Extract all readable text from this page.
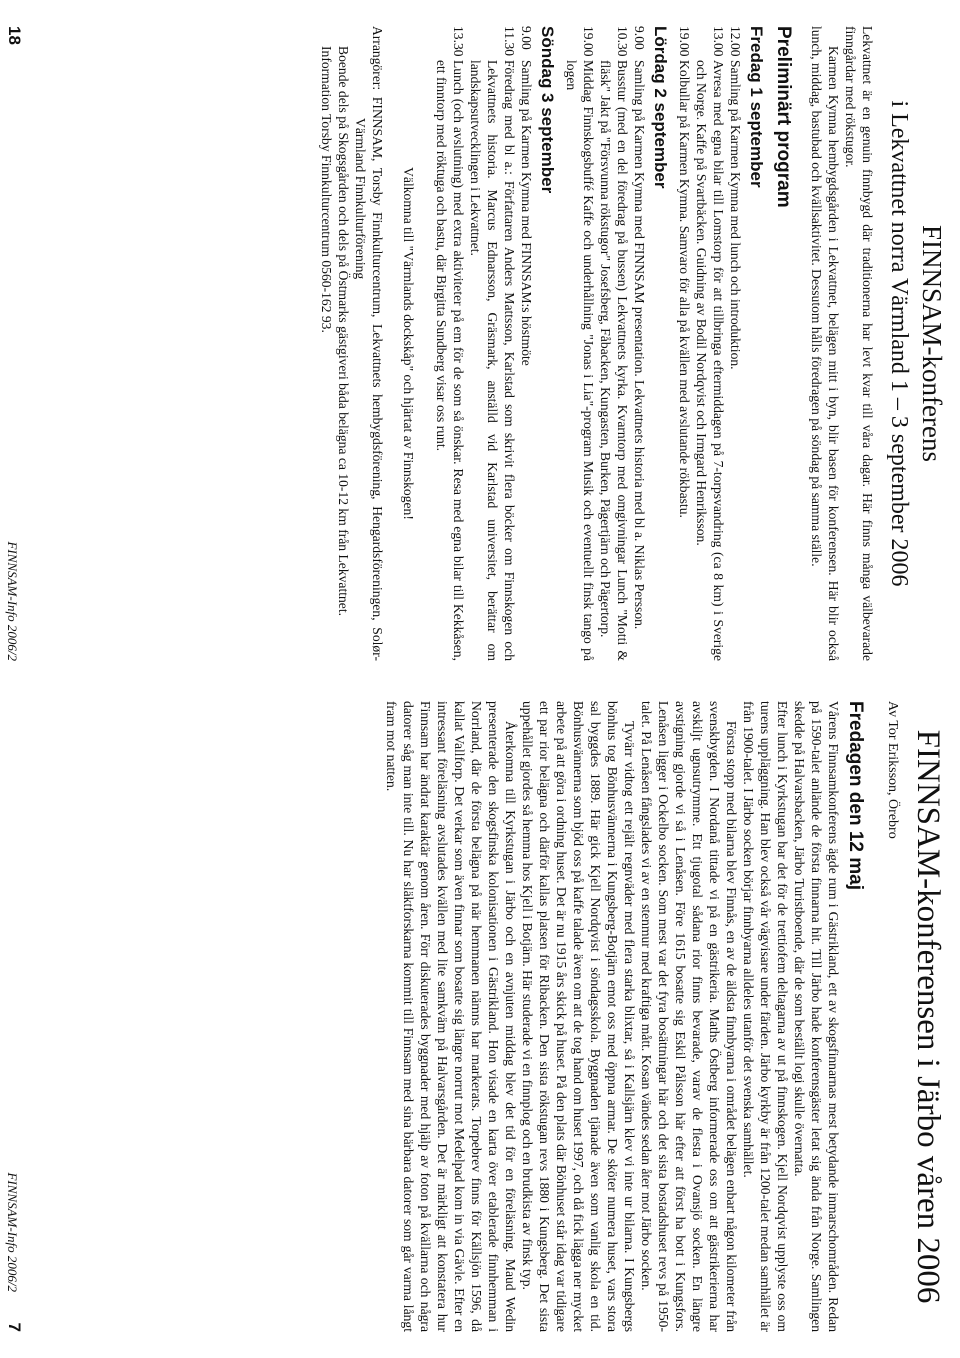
FINNSAM-konferens
i Lekvattnet norra Värmland 1 – 3 september 2006

Lekvattnet är en genuin finnbygd där traditionerna har levt kvar till våra dagar. Här finns många välbevarade finngårdar med rökstugor.

Karmen Kymna hembygdsgården i Lekvattnet, belägen mitt i byn, blir basen för konferensen. Här blir också lunch, middag, bastubad och kvällsaktivitet. Dessutom hålls föredragen på söndag på samma ställe.

Preliminärt program
Fredag 1 september
12.00
Samling på Karmen Kymna med lunch och introduktion.
13.00
Avresa med egna bilar till Lomstorp för att tillbringa eftermiddagen på 7-torpsvandring (ca 8 km) i Sverige och Norge. Kaffe på Svartbäcken. Guidning av Bodil Nordqvist och Irmgard Henriksson.
19.00
Kolbullar på Karmen Kymna. Samvaro för alla på kvällen med avslutande rökbastu.
Lördag 2 september
9.00
Samling på Karmen Kymna med FINNSAM presentation. Lekvattnets historia med bl a. Niklas Persson.
10.30
Busstur (med en del föredrag på bussen) Lekvattnets kyrka. Kvarntorp med omgivningar Lunch "Motti & fläsk" Jakt på "Försvunna rökstugor" Josefsberg, Fåbacken, Kungasten, Burken, Pägertjärn och Pägertorp.
19.00
Middag Finnskogsbuffé Kaffe och underhållning "Jonas i Lia"-program Musik och eventuellt finsk tango på logen
Söndag 3 september
9.00
Samling på Karmen Kymna med FINNSAM:s höstmöte
11.30
Föredrag med bl a.: Författaren Anders Mattsson, Karlstad som skrivit flera böcker om Finnskogen och Lekvattnets historia. Marcus Ednarsson, Gräsmark, anställd vid Karlstad universitet, berättar om landskapsutvecklingen i Lekvattnet.
13.30
Lunch (och avslutning) med extra aktiviteter på em för de som så önskar. Resa med egna bilar till Kekkåsen, ett finntorp med röktuga och bastu, där Birgitta Sundberg visar oss runt.

Välkomna till "Värmlands dockskåp" och hjärtat av Finnskogen!

Arrangörer: FINNSAM, Torsby Finnkulturcentrum, Lekvattnets hembygdsförening, Hengardsföreningen, Solør-Värmland Finnkulturförening

Boende dels på Skogsgården och dels på Östmarks gästgiveri båda belägna ca 10-12 km från Lekvattnet.

Information Torsby Finnkulturcentrum 0560-162 93.

18
FINNSAM-Info 2006/2
FINNSAM-konferensen i Järbo våren 2006

Av Tor Eriksson, Örebro

Fredagen den 12 maj

Vårens Finnsamkonferens ägde rum i Gästrikland, ett av skogsfinnarnas mest betydande inmarschområden. Redan på 1590-talet anlände de första finnarna hit. Till Järbo hade konferensgäster letat sig ända från Norge. Samlingen skedde på Halvarsbacken, Järbo Turistboende, där de som beställt logi skulle övernatta.

Efter lunch i Kyrkstugan bar det för de trettiofem deltagarna av ut på finnskogen. Kjell Nordqvist upplyste oss om turens uppläggning. Han blev också vår vägvisare under färden. Järbo kyrkby är från 1200-talet medan samhället är från 1900-talet. I Järbo socken börjar finnbyarna alldeles utanför det svenska samhället.

Första stopp med bilarna blev Finnås, en av de äldsta finnbyarna i området belägen enbart någon kilometer från svenskbygden. I Nordanå tittade vi på en gästrikeria. Maths Östberg informerade oss om att gästrikerierna har avskiljt ugnsutrymme. Ett tjugotal sådana rior finns bevarade, varav de flesta i Ovansjö socken. En längre avstigning gjorde vi så i Lenåsen. Före 1615 bosatte sig Eskil Pålsson här efter att först ha bott i Kungsfors. Lenåsen ligger i Ockelbo socken. Som mest var det fyra bosättningar här och det sista bostadshuset revs på 1950-talet. På Lenåsen fångslades vi av en stenmur med kraftiga mått. Kosan vändes sedan åter mot Järbo socken.

Tyvärr vidtog ett rejält regnväder med flera starka blixtar, så i Kallsjärn klev vi inte ur bilarna. I Kungsbergs bönhus tog Bönhusvännerna i Kungsberg-Botjärn emot oss med öppna armar. De sköter numera huset, vars stora sal byggdes 1889. Här gick Kjell Nordqvist i söndagsskola. Byggnaden tjänade även som vanlig skola en tid. Bönhusvännerna som bjöd oss på kaffe talade även om att de tog hand om huset 1997, och då fick lägga ner mycket arbete på att göra i ordning huset. Det är nu 1915 års skick på huset. På den plats där Bönhuset står idag var tidigare ett par rior belägna och därför kallas platsen för Ribacken. Den sista rökstugan revs 1880 i Kungsberg. Det sista uppehållet gjordes så hemma hos Kjell i Botjärn. Här studerade vi en finnplog och en brudkista av finsk typ.

Återkomna till Kyrkstugan i Järbo och en avnjuten middag blev det tid för en föreläsning. Maud Wedin presenterade den skogsfinska kolonisationen i Gästrikland. Hon visade en karta över etablerade finnhemman i Norrland, där de första belägna på när hemmanen nämns har markerats. Torpebrev finns för Källsjön 1596, då kallat Vallforp. Det verkar som även finnar som bosatte sig längre norrut mot Medelpad kom in via Gävle. Efter en intressant föreläsning avslutades kvällen med lite samkväm på Halvarsgården. Det är märkligt att konstatera hur Finnsam har ändrat karaktär genom åren. Förr diskuterades byggnader med hjälp av foton på kvällarna och några datorer såg man inte till. Nu har släktforskarna kommit till Finnsam med sina bärbara datorer som går varma långt fram mot natten.

FINNSAM-Info 2006/2
7
